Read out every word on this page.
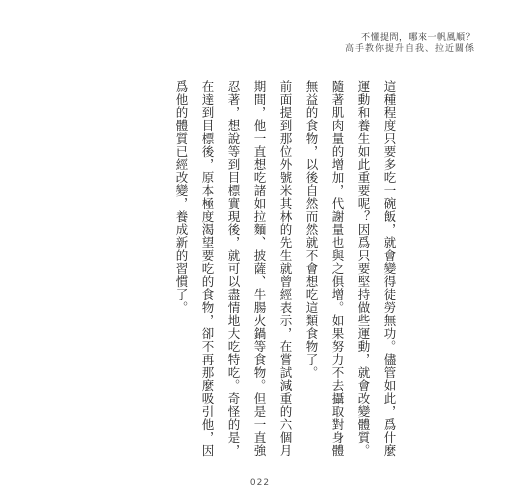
不懂提問，哪來一帆風順？
高手教你提升自我、拉近關係

這種程度只要多吃一碗飯，就會變得徒勞無功。儘管如此，爲什麼運動和養生如此重要呢？因爲只要堅持做些運動，就會改變體質。隨著肌肉量的增加，代謝量也與之俱增。如果努力不去攝取對身體無益的食物，以後自然而然就不會想吃這類食物了。

前面提到那位外號米其林的先生就曾經表示，在嘗試減重的六個月期間，他一直想吃諸如拉麵、披薩、牛腸火鍋等食物。但是一直強忍著，想說等到目標實現後，就可以盡情地大吃特吃。奇怪的是，在達到目標後，原本極度渴望要吃的食物，卻不再那麼吸引他，因爲他的體質已經改變，養成新的習慣了。

022
